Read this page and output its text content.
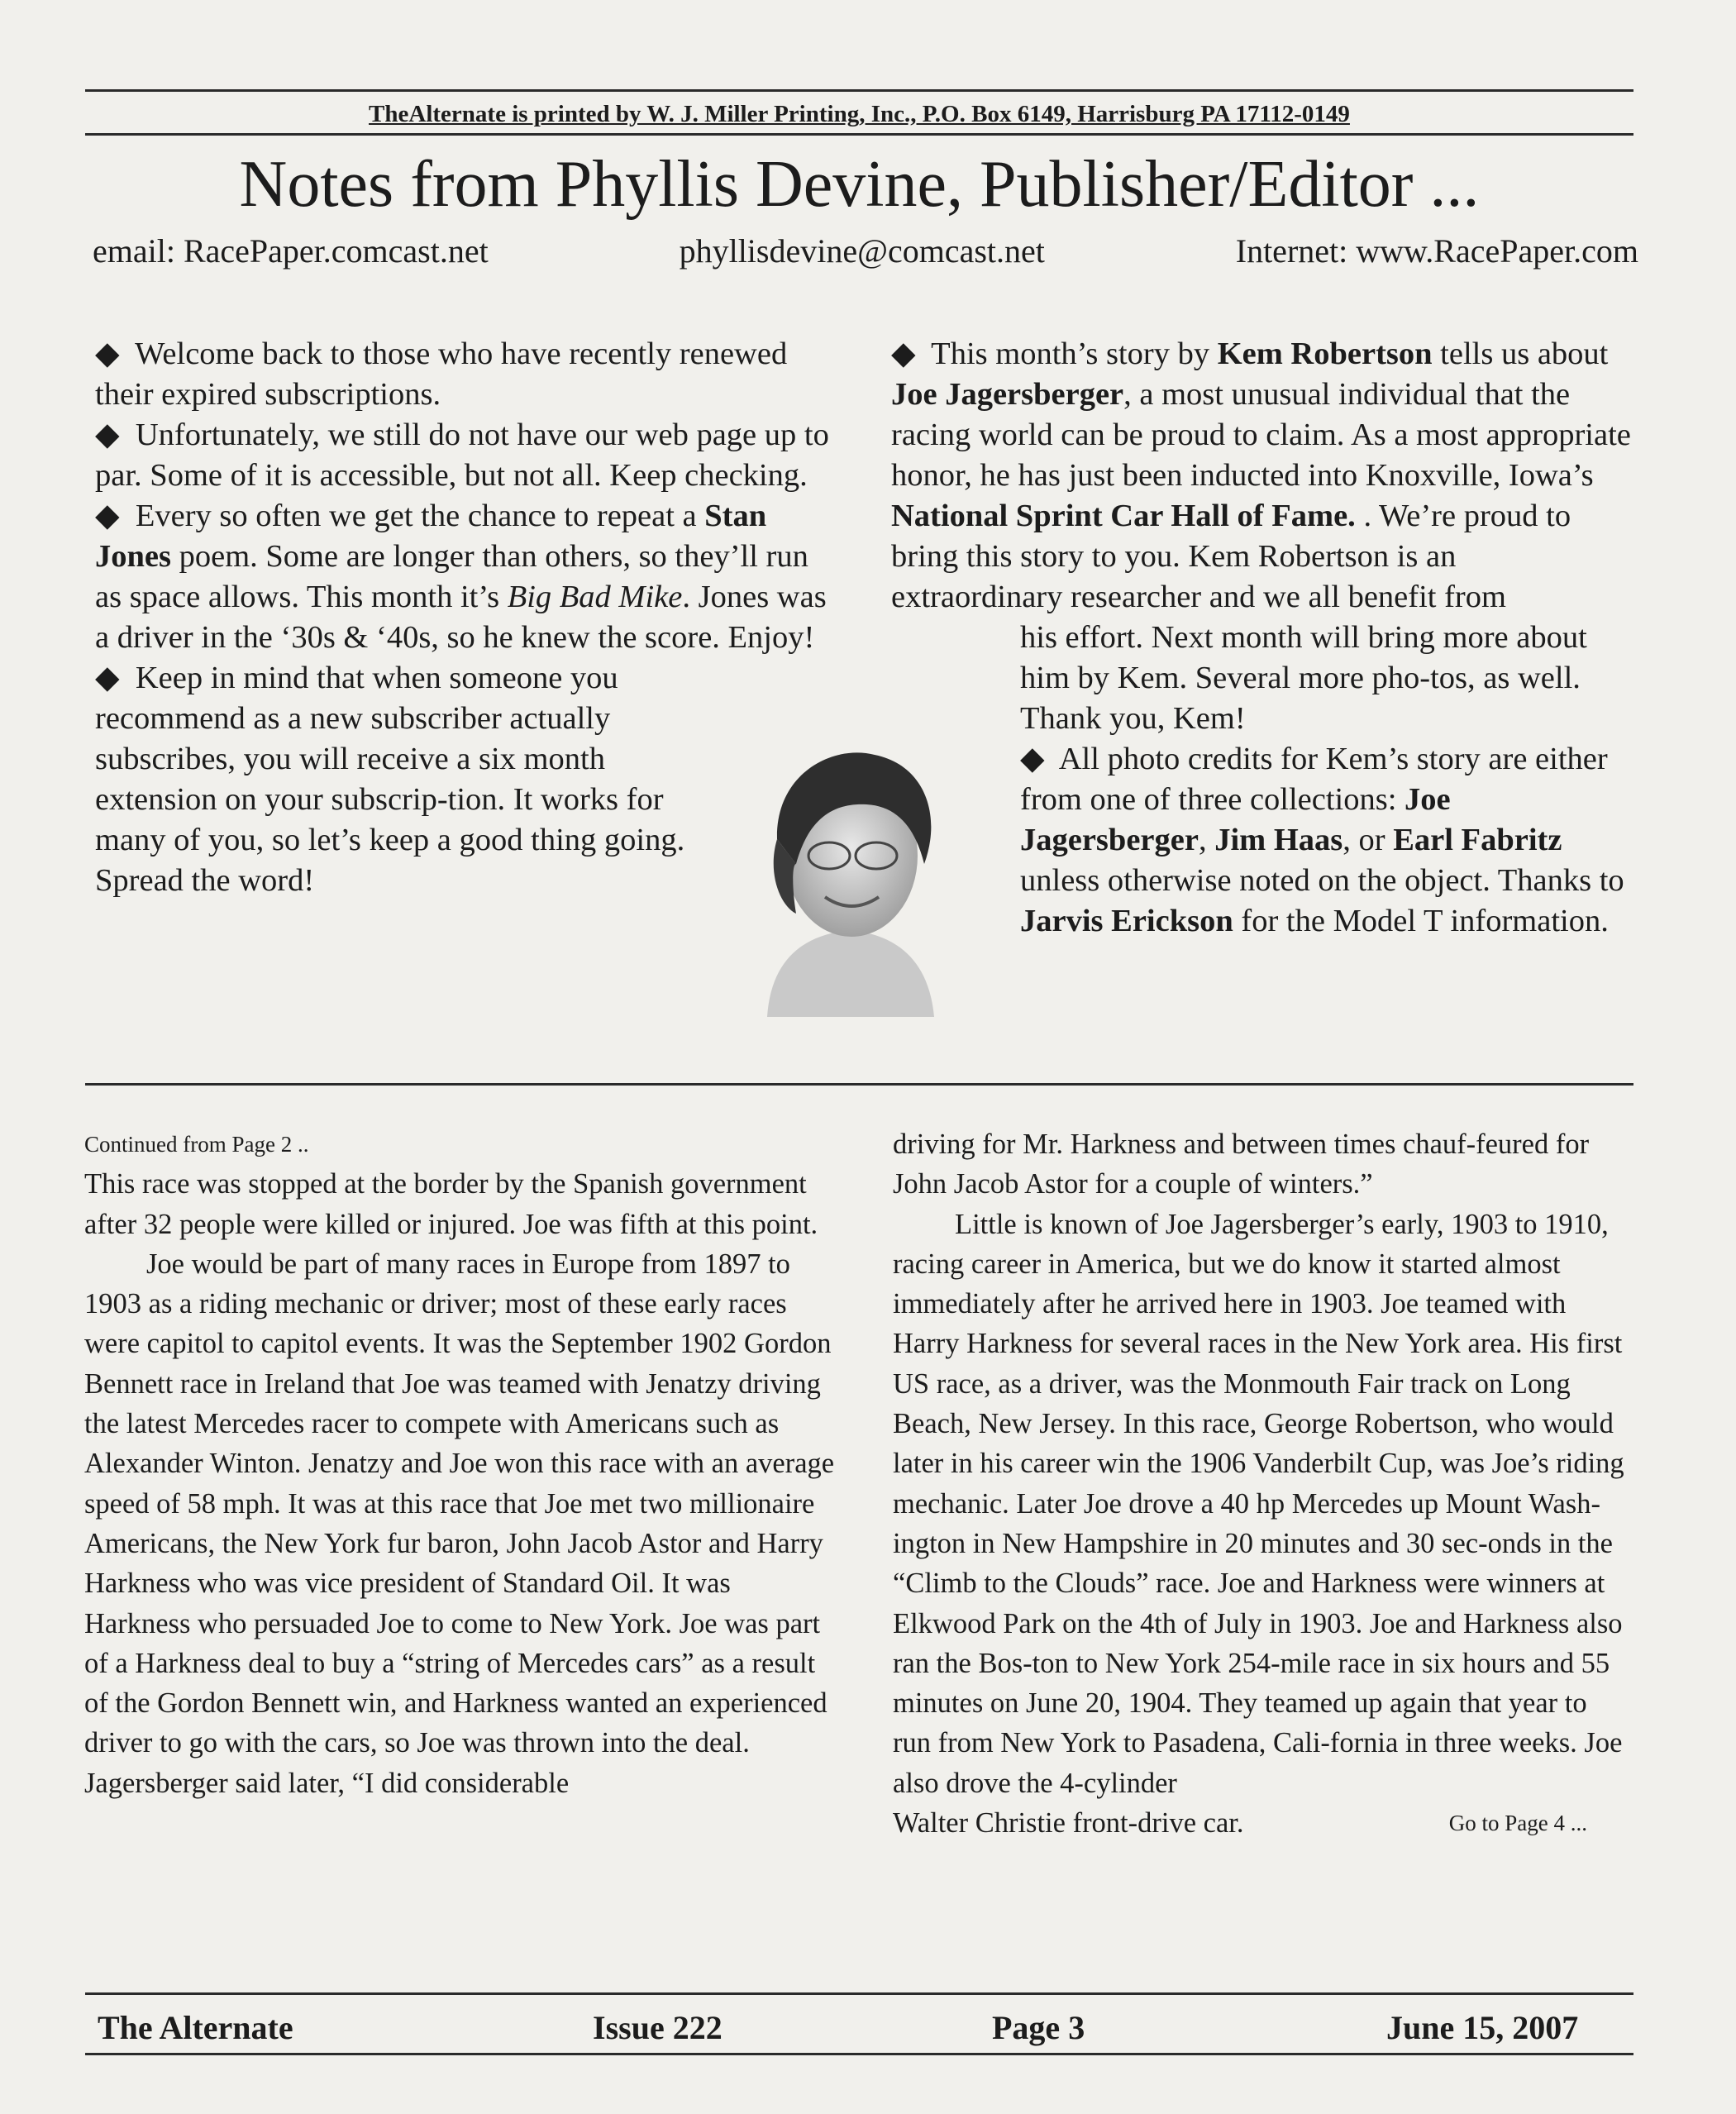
TheAlternate is printed by W. J. Miller Printing, Inc., P.O. Box 6149, Harrisburg PA 17112-0149
Notes from Phyllis Devine, Publisher/Editor ...
email: RacePaper.comcast.net	phyllisdevine@comcast.net	Internet: www.RacePaper.com

◆ Welcome back to those who have recently renewed their expired subscriptions.

◆ Unfortunately, we still do not have our web page up to par. Some of it is accessible, but not all. Keep checking.

◆ Every so often we get the chance to repeat a Stan Jones poem. Some are longer than others, so they’ll run as space allows. This month it’s Big Bad Mike. Jones was a driver in the ‘30s & ‘40s, so he knew the score. Enjoy!

◆ Keep in mind that when someone you recommend as a new subscriber actually subscribes, you will receive a six month extension on your subscrip-tion. It works for many of you, so let’s keep a good thing going. Spread the word!

◆ This month’s story by Kem Robertson tells us about Joe Jagersberger, a most unusual individual that the racing world can be proud to claim. As a most appropriate honor, he has just been inducted into Knoxville, Iowa’s National Sprint Car Hall of Fame. . We’re proud to bring this story to you. Kem Robertson is an extraordinary researcher and we all benefit from

his effort. Next month will bring more about him by Kem. Several more pho-tos, as well. Thank you, Kem!

◆ All photo credits for Kem’s story are either from one of three collections: Joe Jagersberger, Jim Haas, or Earl Fabritz unless otherwise noted on the object. Thanks to Jarvis Erickson for the Model T information.

Continued from Page 2 ..

This race was stopped at the border by the Spanish government after 32 people were killed or injured. Joe was fifth at this point.

Joe would be part of many races in Europe from 1897 to 1903 as a riding mechanic or driver; most of these early races were capitol to capitol events. It was the September 1902 Gordon Bennett race in Ireland that Joe was teamed with Jenatzy driving the latest Mercedes racer to compete with Americans such as Alexander Winton. Jenatzy and Joe won this race with an average speed of 58 mph. It was at this race that Joe met two millionaire Americans, the New York fur baron, John Jacob Astor and Harry Harkness who was vice president of Standard Oil. It was Harkness who persuaded Joe to come to New York. Joe was part of a Harkness deal to buy a “string of Mercedes cars” as a result of the Gordon Bennett win, and Harkness wanted an experienced driver to go with the cars, so Joe was thrown into the deal. Jagersberger said later, “I did considerable

driving for Mr. Harkness and between times chauf-feured for John Jacob Astor for a couple of winters.”

Little is known of Joe Jagersberger’s early, 1903 to 1910, racing career in America, but we do know it started almost immediately after he arrived here in 1903. Joe teamed with Harry Harkness for several races in the New York area. His first US race, as a driver, was the Monmouth Fair track on Long Beach, New Jersey. In this race, George Robertson, who would later in his career win the 1906 Vanderbilt Cup, was Joe’s riding mechanic. Later Joe drove a 40 hp Mercedes up Mount Wash-ington in New Hampshire in 20 minutes and 30 sec-onds in the “Climb to the Clouds” race. Joe and Harkness were winners at Elkwood Park on the 4th of July in 1903. Joe and Harkness also ran the Bos-ton to New York 254-mile race in six hours and 55 minutes on June 20, 1904. They teamed up again that year to run from New York to Pasadena, Cali-fornia in three weeks. Joe also drove the 4-cylinder

Walter Christie front-drive car.	Go to Page 4 ...

The Alternate	Issue 222	Page 3	June 15, 2007
